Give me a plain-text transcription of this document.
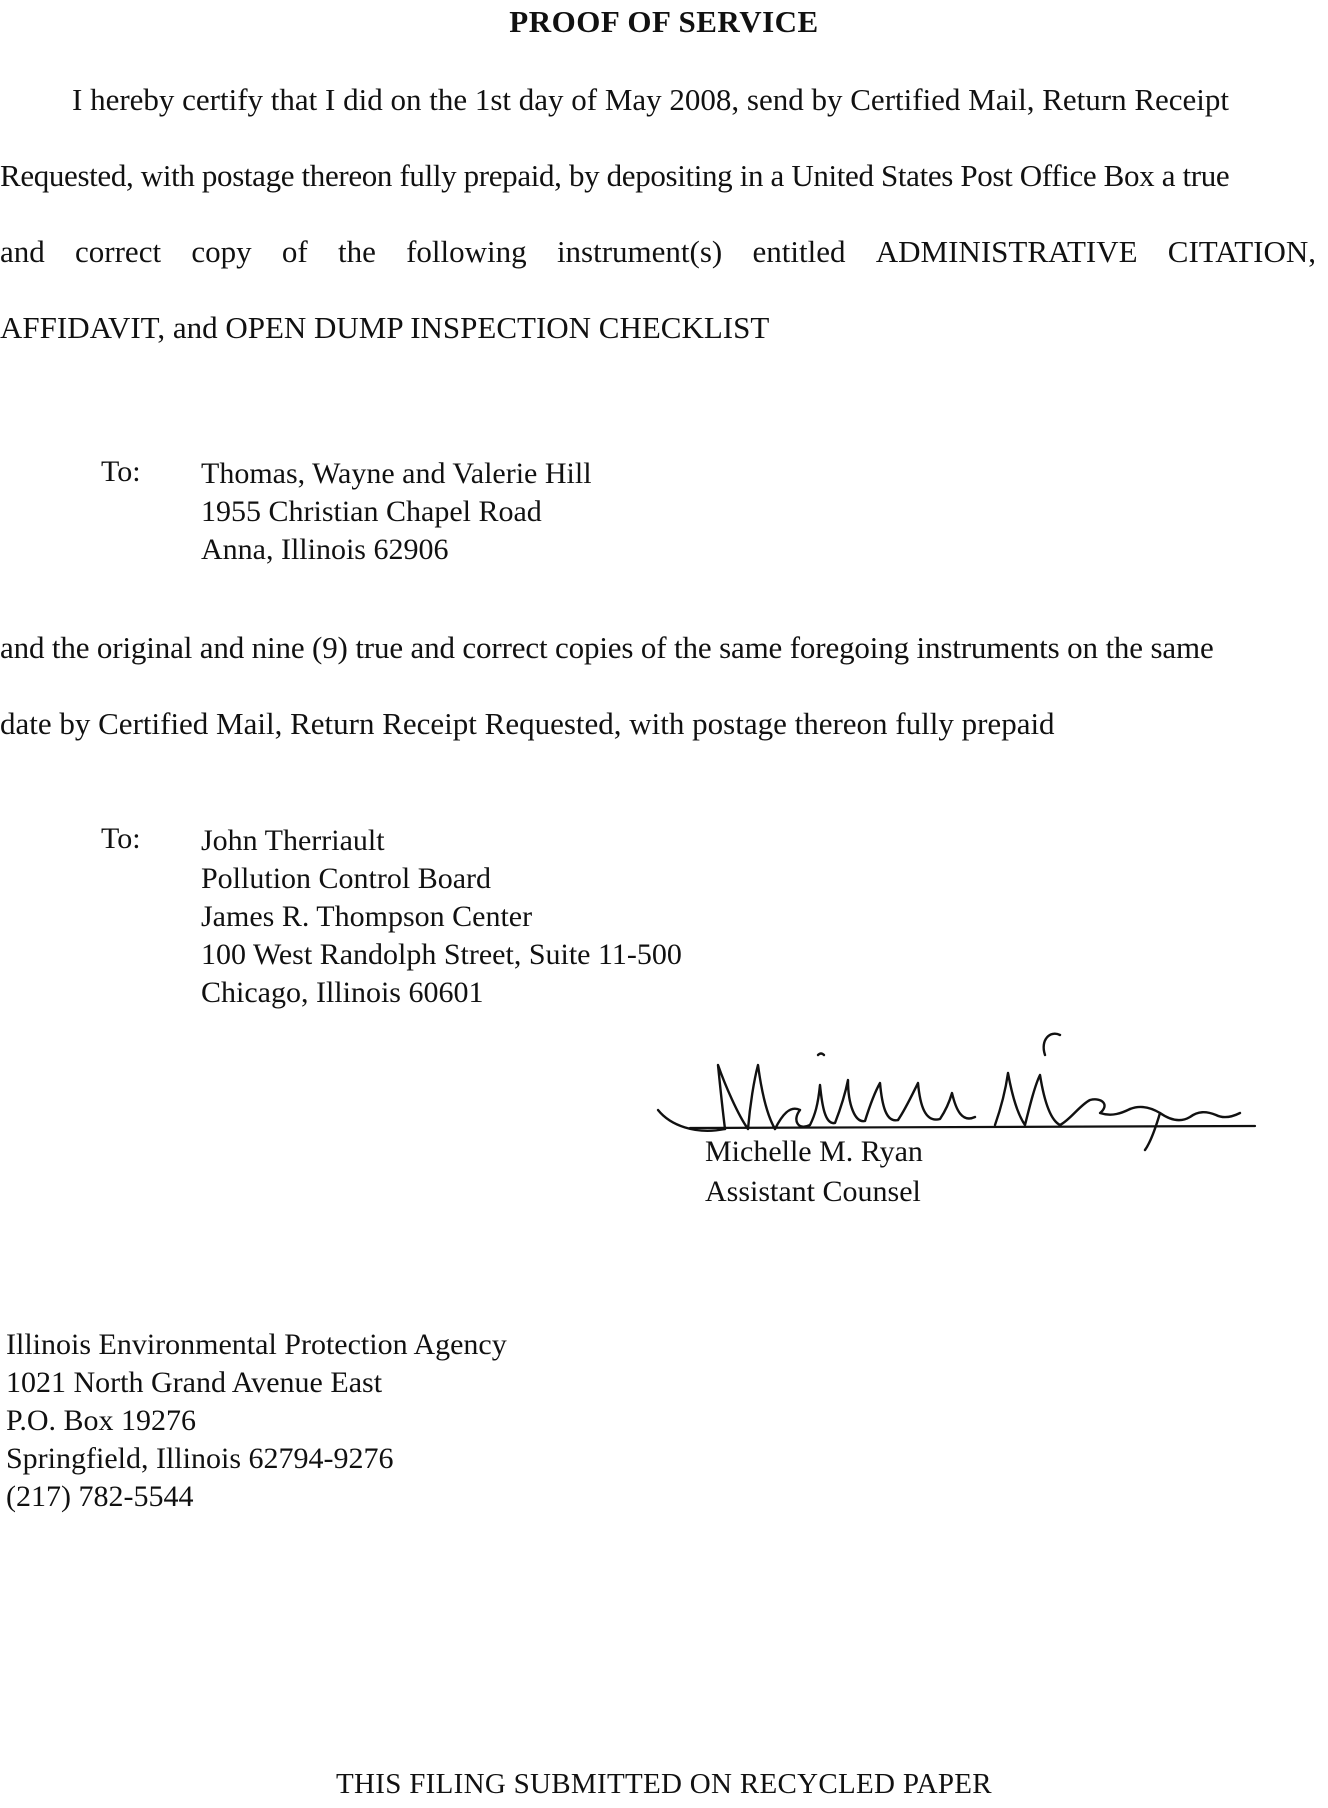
PROOF OF SERVICE
I hereby certify that I did on the 1st day of May 2008, send by Certified Mail, Return Receipt
Requested, with postage thereon fully prepaid, by depositing in a United States Post Office Box a true
and correct copy of the following instrument(s) entitled ADMINISTRATIVE CITATION,
AFFIDAVIT, and OPEN DUMP INSPECTION CHECKLIST
To: Thomas, Wayne and Valerie Hill
1955 Christian Chapel Road
Anna, Illinois 62906
and the original and nine (9) true and correct copies of the same foregoing instruments on the same
date by Certified Mail, Return Receipt Requested, with postage thereon fully prepaid
To: John Therriault
Pollution Control Board
James R. Thompson Center
100 West Randolph Street, Suite 11-500
Chicago, Illinois 60601
Michelle M. Ryan
Assistant Counsel
Illinois Environmental Protection Agency
1021 North Grand Avenue East
P.O. Box 19276
Springfield, Illinois 62794-9276
(217) 782-5544
THIS FILING SUBMITTED ON RECYCLED PAPER
